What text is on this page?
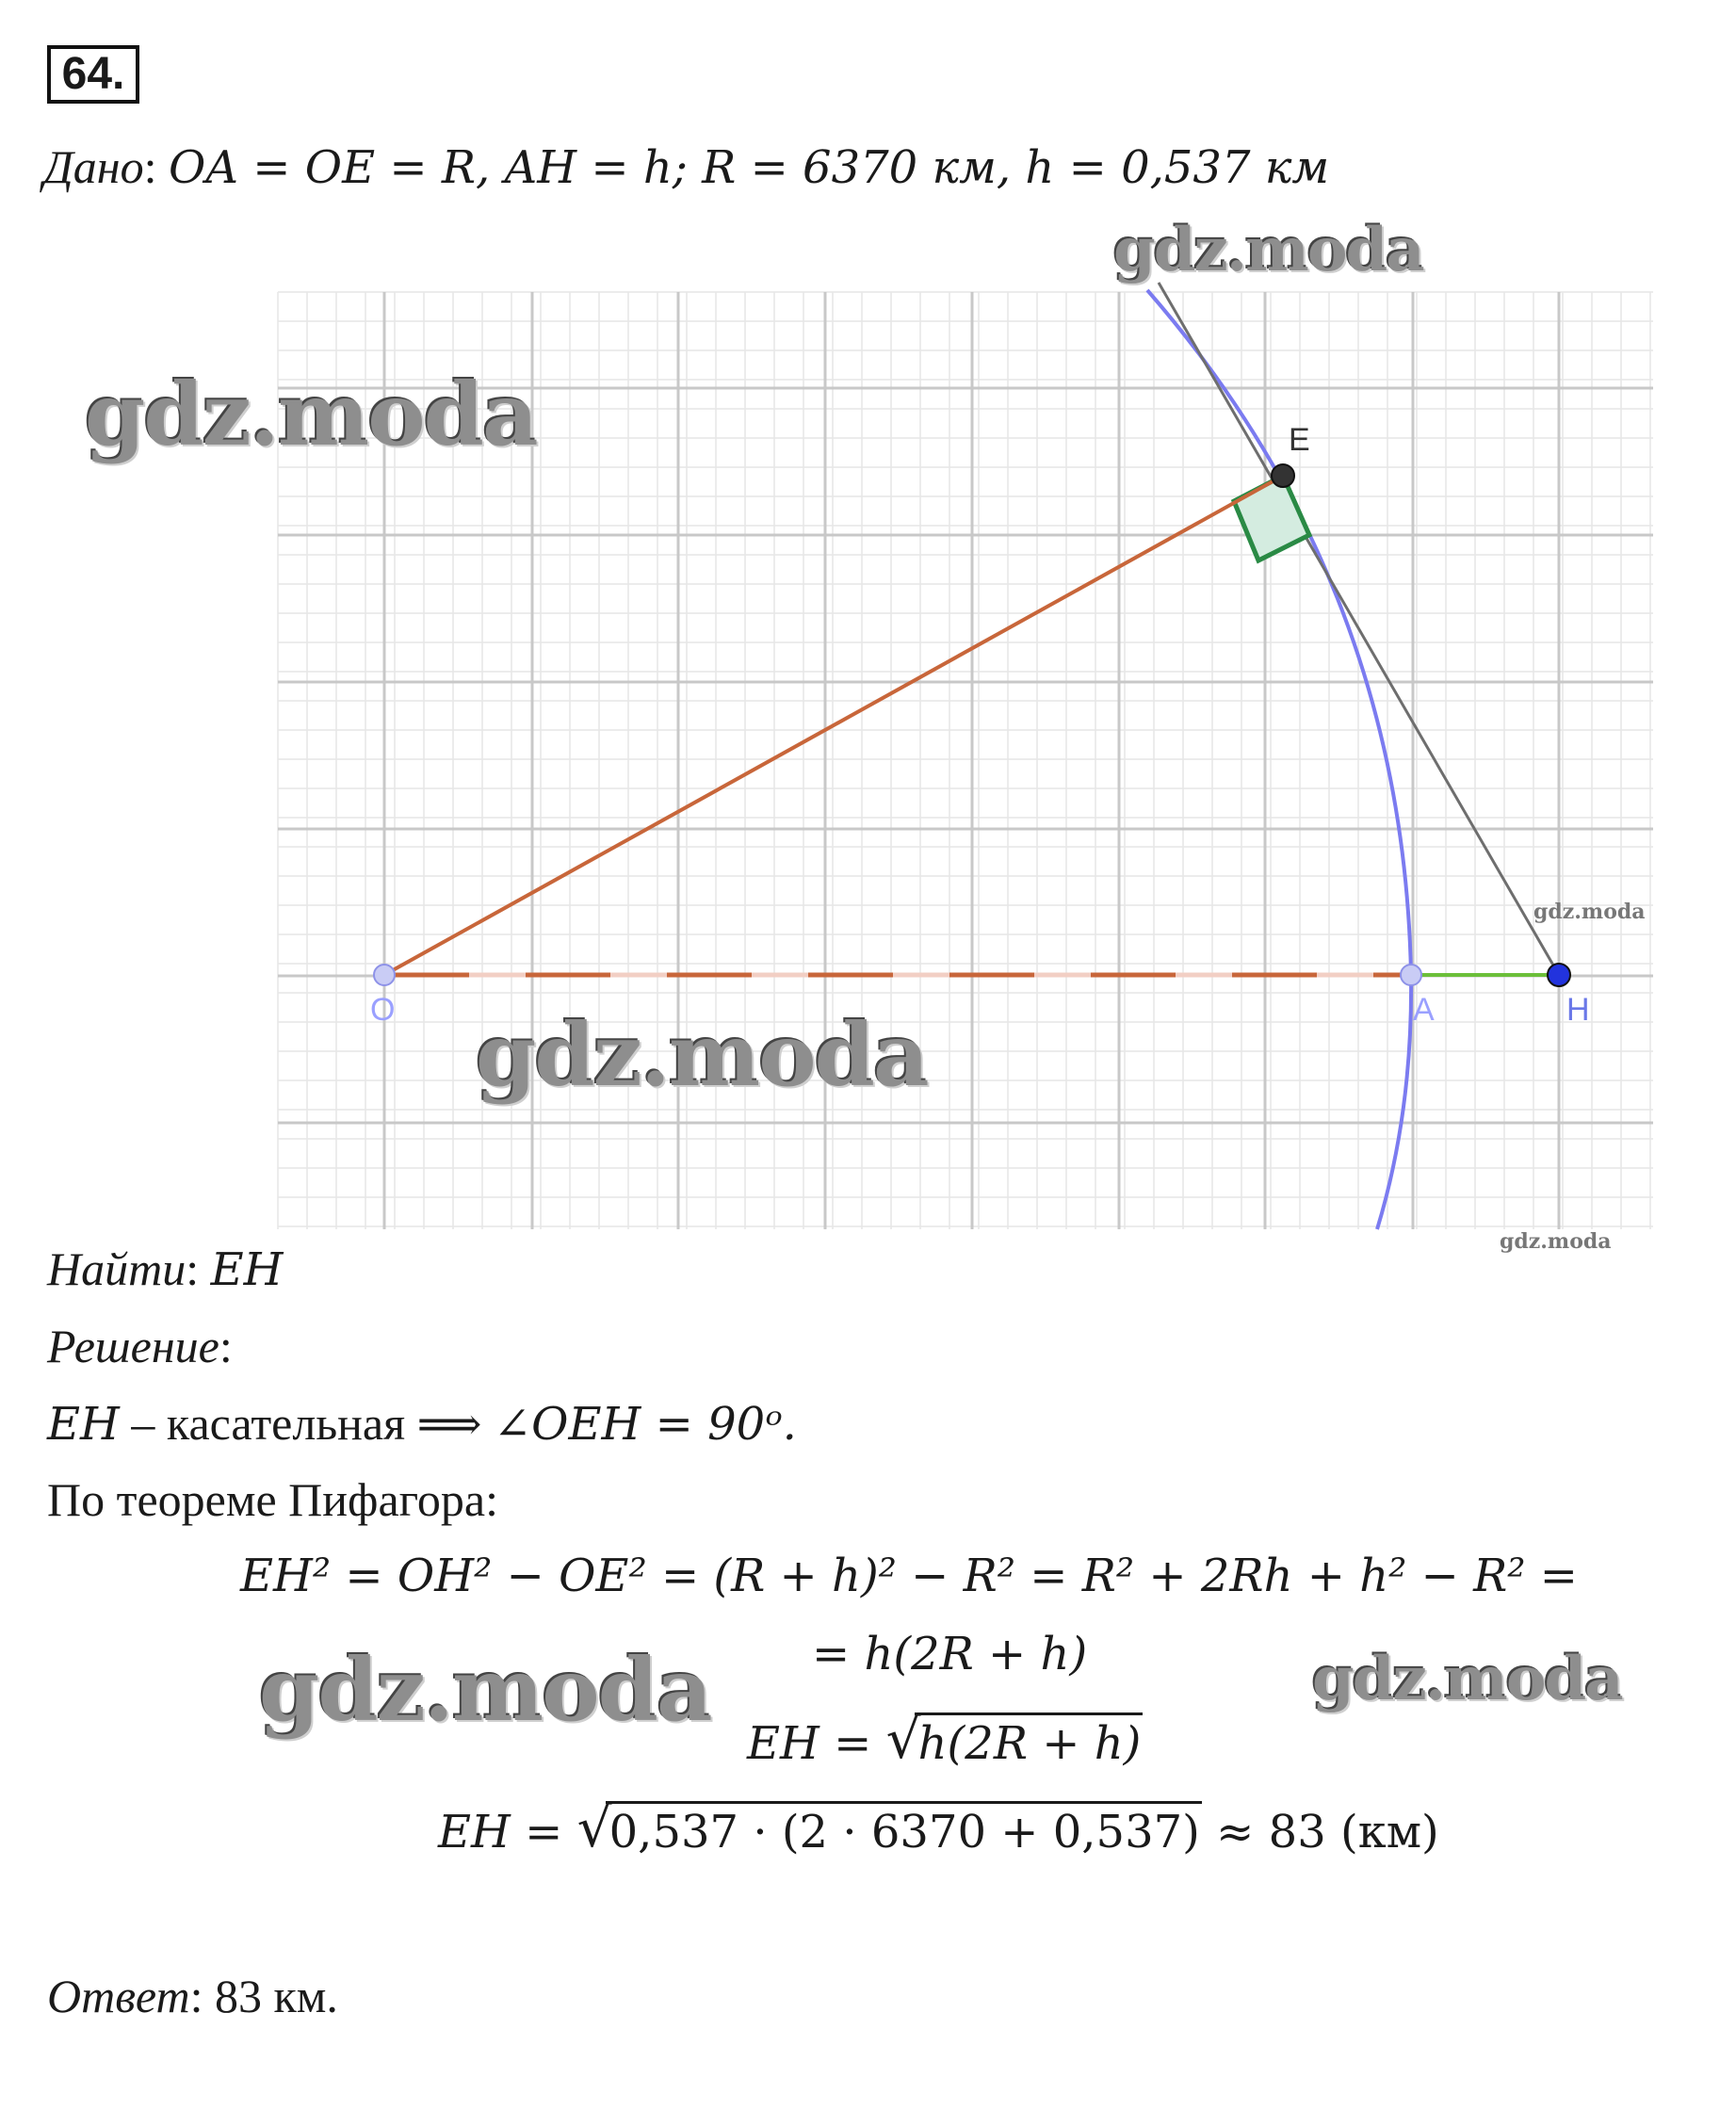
64.
Дано: OA = OE = R, AH = h; R = 6370 км, h = 0,537 км
E
O	A	H
Найти: EH
Решение:
EH – касательная ⟹ ∠OEH = 90ᵒ.
По теореме Пифагора:
EH² = OH² − OE² = (R + h)² − R² = R² + 2Rh + h² − R² =
= h(2R + h)
EH = √ h(2R + h)
EH = √ 0,537 · (2 · 6370 + 0,537) ≈ 83 (км)
Ответ: 83 км.
gdz.moda
gdz.moda
gdz.moda
gdz.moda
gdz.moda
gdz.moda	gdz.moda
